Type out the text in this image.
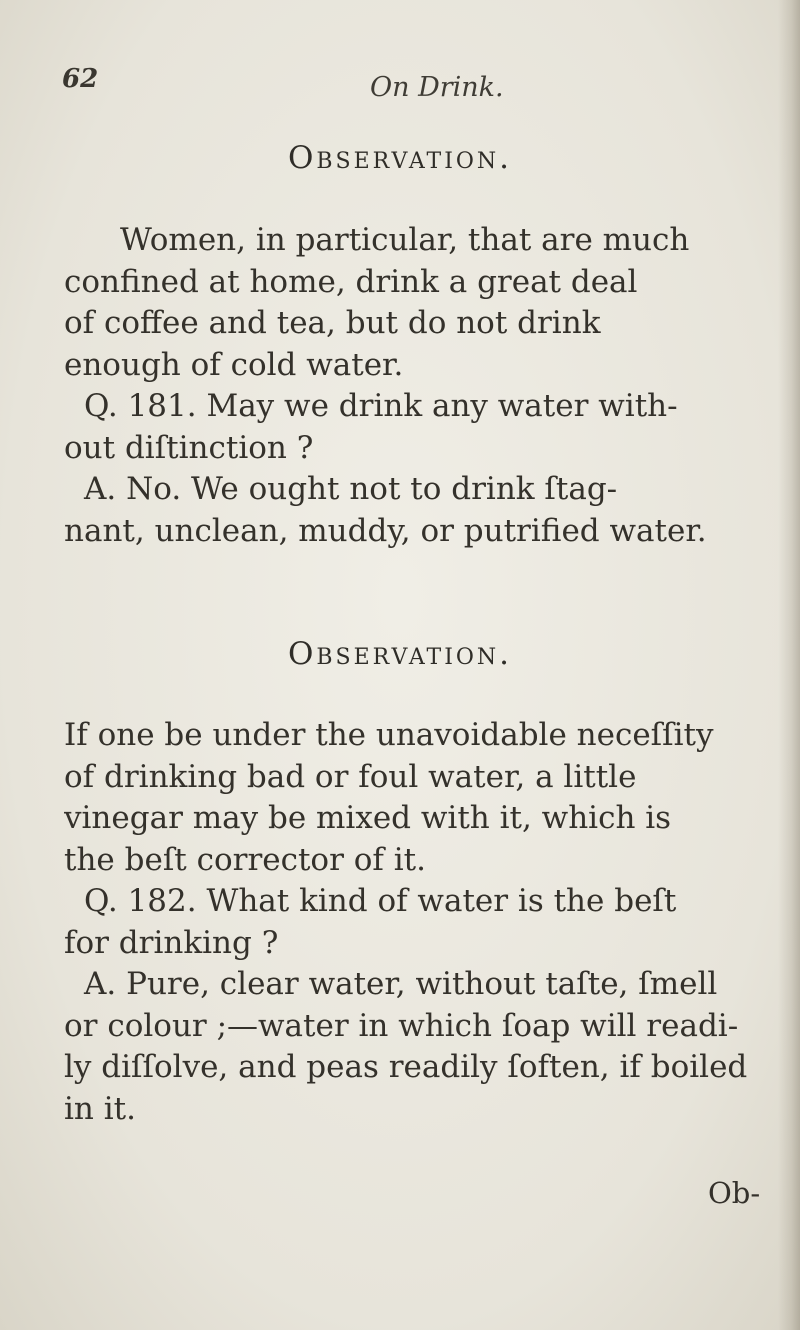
62	On Drink.
Observation.
Women, in particular, that are much
confined at home, drink a great deal
of coffee and tea, but do not drink
enough of cold water.
Q. 181. May we drink any water with-
out diſtinction ?
A. No. We ought not to drink ſtag-
nant, unclean, muddy, or putrified water.
Observation.
If one be under the unavoidable neceſſity
of drinking bad or foul water, a little
vinegar may be mixed with it, which is
the beſt corrector of it.
Q. 182. What kind of water is the beſt
for drinking ?
A. Pure, clear water, without taſte, ſmell
or colour ;—water in which ſoap will readi-
ly diſſolve, and peas readily ſoften, if boiled
in it.
Ob-
